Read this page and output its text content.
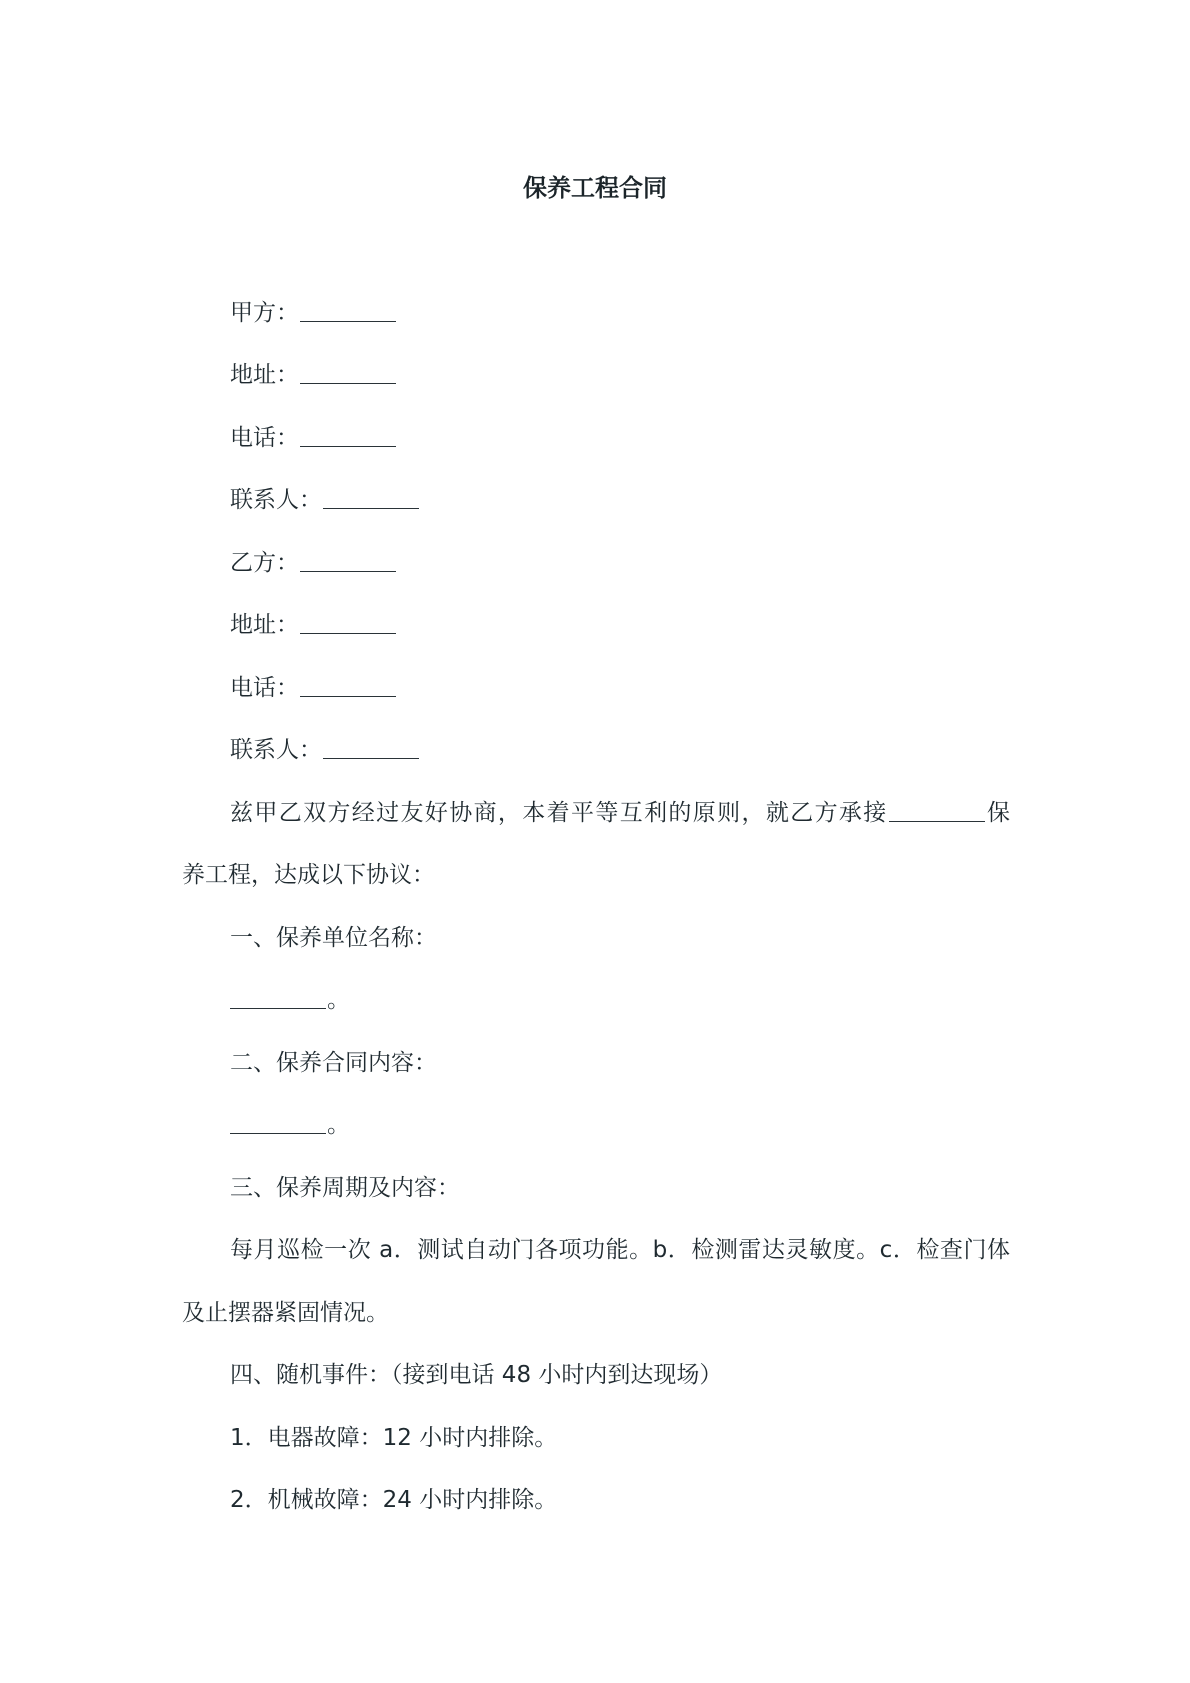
保养工程合同
甲方：
地址：
电话：
联系人：
乙方：
地址：
电话：
联系人：
兹甲乙双方经过友好协商，本着平等互利的原则，就乙方承接	保
养工程，达成以下协议：
一、保养单位名称：
。
二、保养合同内容：
。
三、保养周期及内容：
每月巡检一次 a．测试自动门各项功能。b．检测雷达灵敏度。c．检查门体
及止摆器紧固情况。
四、随机事件：（接到电话 48 小时内到达现场）
1．电器故障：12 小时内排除。
2．机械故障：24 小时内排除。
